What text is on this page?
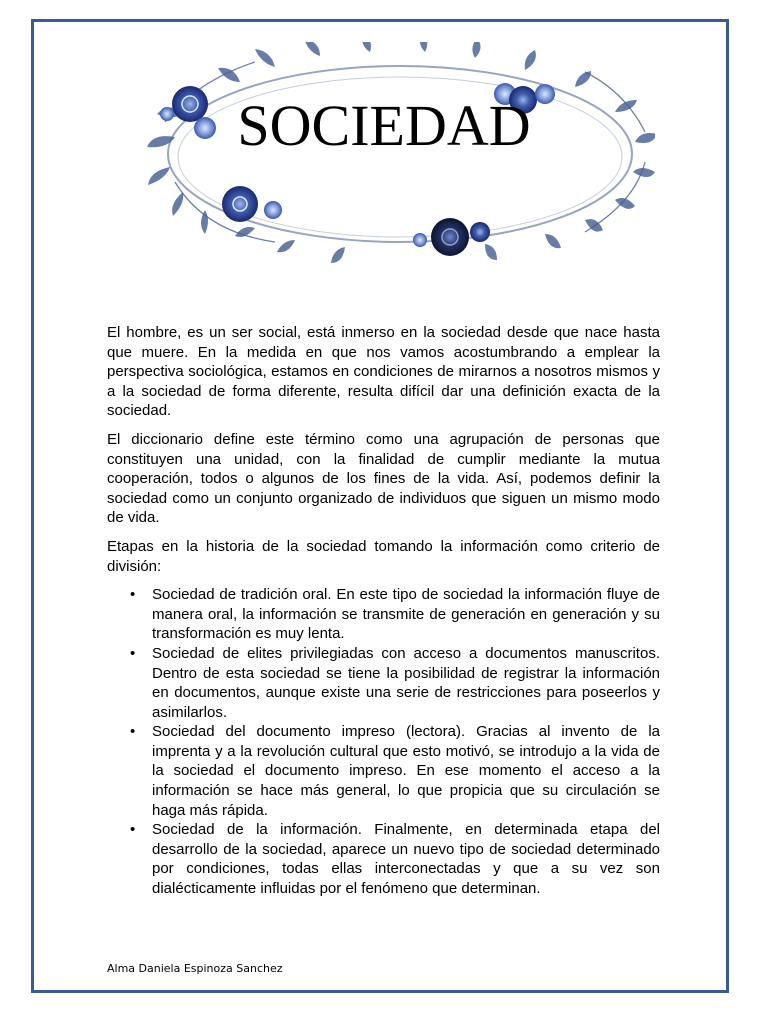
SOCIEDAD

El hombre, es un ser social, está inmerso en la sociedad desde que nace hasta que muere. En la medida en que nos vamos acostumbrando a emplear la perspectiva sociológica, estamos en condiciones de mirarnos a nosotros mismos y a la sociedad de forma diferente, resulta difícil dar una definición exacta de la sociedad.

El diccionario define este término como una agrupación de personas que constituyen una unidad, con la finalidad de cumplir mediante la mutua cooperación, todos o algunos de los fines de la vida. Así, podemos definir la sociedad como un conjunto organizado de individuos que siguen un mismo modo de vida.

Etapas en la historia de la sociedad tomando la información como criterio de división:

• Sociedad de tradición oral. En este tipo de sociedad la información fluye de manera oral, la información se transmite de generación en generación y su transformación es muy lenta.
• Sociedad de elites privilegiadas con acceso a documentos manuscritos. Dentro de esta sociedad se tiene la posibilidad de registrar la información en documentos, aunque existe una serie de restricciones para poseerlos y asimilarlos.
• Sociedad del documento impreso (lectora). Gracias al invento de la imprenta y a la revolución cultural que esto motivó, se introdujo a la vida de la sociedad el documento impreso. En ese momento el acceso a la información se hace más general, lo que propicia que su circulación se haga más rápida.
• Sociedad de la información. Finalmente, en determinada etapa del desarrollo de la sociedad, aparece un nuevo tipo de sociedad determinado por condiciones, todas ellas interconectadas y que a su vez son dialécticamente influidas por el fenómeno que determinan.
Alma Daniela Espinoza Sanchez
